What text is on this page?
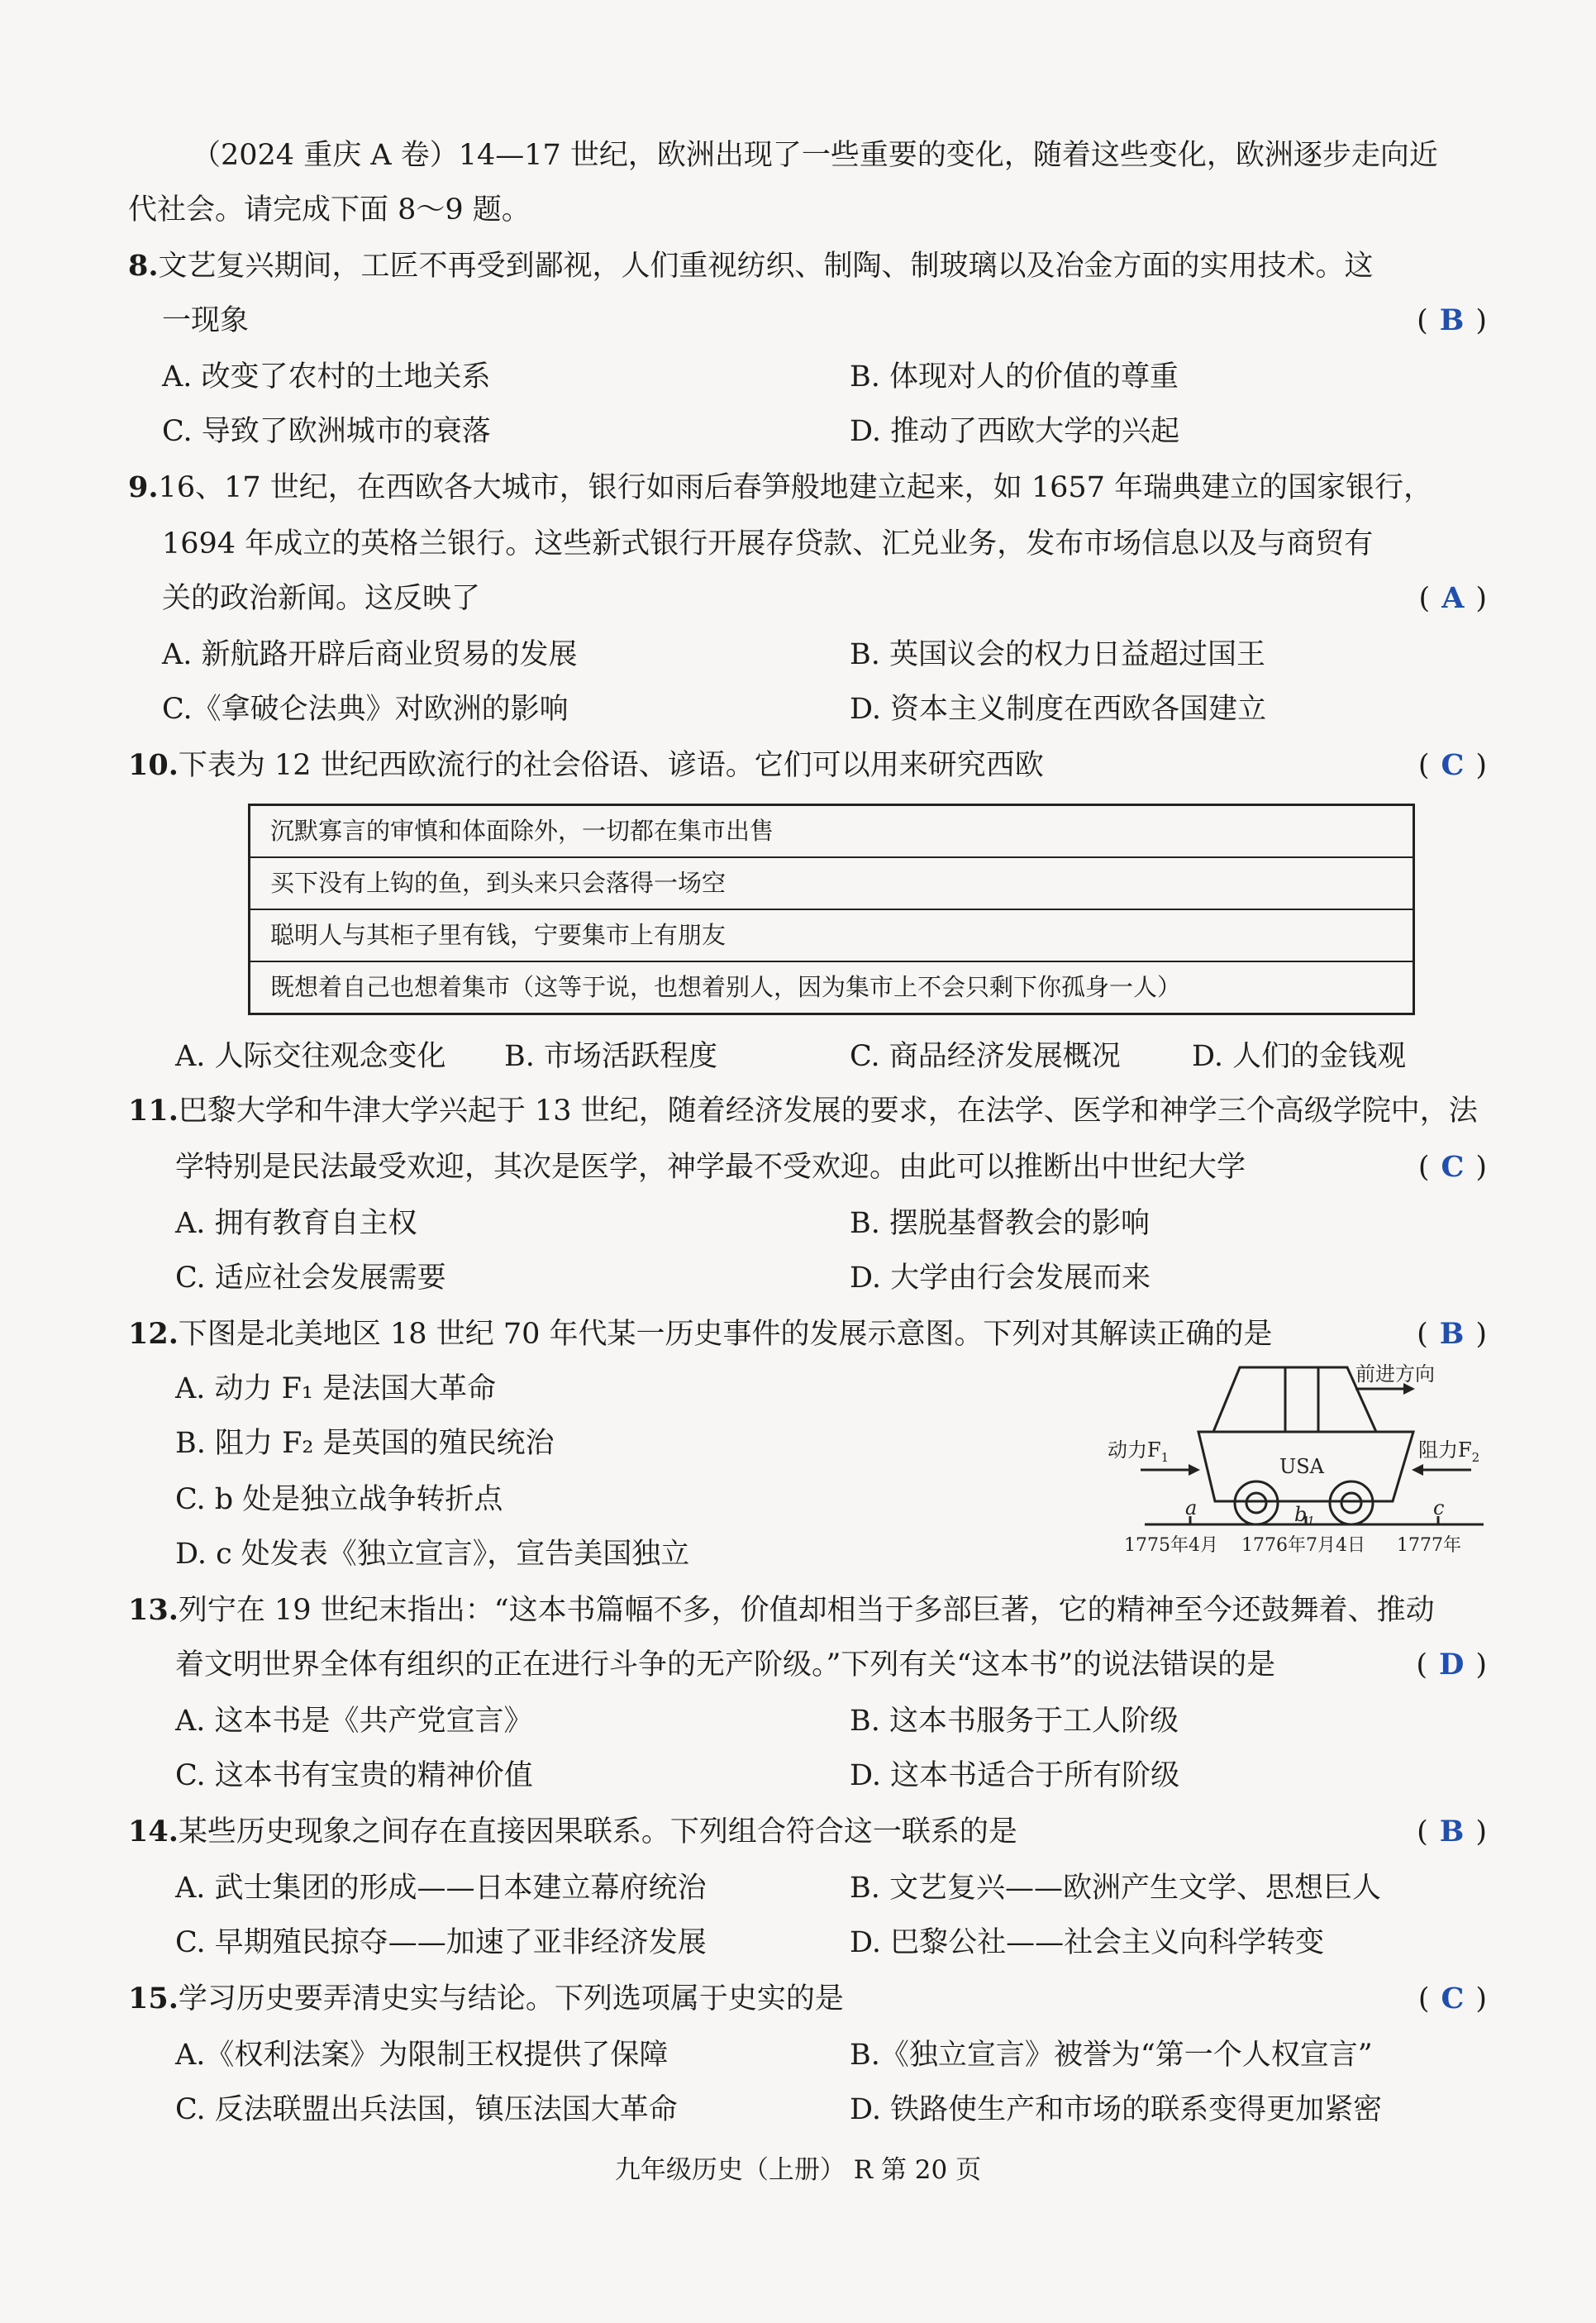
（2024 重庆 A 卷）14—17 世纪，欧洲出现了一些重要的变化，随着这些变化，欧洲逐步走向近
代社会。请完成下面 8～9 题。
8.文艺复兴期间，工匠不再受到鄙视，人们重视纺织、制陶、制玻璃以及冶金方面的实用技术。这
一现象	( B )
A. 改变了农村的土地关系	B. 体现对人的价值的尊重
C. 导致了欧洲城市的衰落	D. 推动了西欧大学的兴起
9.16、17 世纪，在西欧各大城市，银行如雨后春笋般地建立起来，如 1657 年瑞典建立的国家银行，
1694 年成立的英格兰银行。这些新式银行开展存贷款、汇兑业务，发布市场信息以及与商贸有
关的政治新闻。这反映了	( A )
A. 新航路开辟后商业贸易的发展	B. 英国议会的权力日益超过国王
C.《拿破仑法典》对欧洲的影响	D. 资本主义制度在西欧各国建立
10.下表为 12 世纪西欧流行的社会俗语、谚语。它们可以用来研究西欧	( C )
沉默寡言的审慎和体面除外，一切都在集市出售
买下没有上钩的鱼，到头来只会落得一场空
聪明人与其柜子里有钱，宁要集市上有朋友
既想着自己也想着集市（这等于说，也想着别人，因为集市上不会只剩下你孤身一人）
A. 人际交往观念变化 B. 市场活跃程度	C. 商品经济发展概况 D. 人们的金钱观
11.巴黎大学和牛津大学兴起于 13 世纪，随着经济发展的要求，在法学、医学和神学三个高级学院中，法
学特别是民法最受欢迎，其次是医学，神学最不受欢迎。由此可以推断出中世纪大学	( C )
A. 拥有教育自主权	B. 摆脱基督教会的影响
C. 适应社会发展需要	D. 大学由行会发展而来
12.下图是北美地区 18 世纪 70 年代某一历史事件的发展示意图。下列对其解读正确的是	( B )
A. 动力 F₁ 是法国大革命
B. 阻力 F₂ 是英国的殖民统治
C. b 处是独立战争转折点
D. c 处发表《独立宣言》，宣告美国独立
前进方向
USA
动力$F_1$	阻力$F_2$
a	$b_1$
c
1775年4月 1776年7月4日 1777年
13.列宁在 19 世纪末指出：“这本书篇幅不多，价值却相当于多部巨著，它的精神至今还鼓舞着、推动
着文明世界全体有组织的正在进行斗争的无产阶级。”下列有关“这本书”的说法错误的是	( D )
A. 这本书是《共产党宣言》	B. 这本书服务于工人阶级
C. 这本书有宝贵的精神价值	D. 这本书适合于所有阶级
14.某些历史现象之间存在直接因果联系。下列组合符合这一联系的是	( B )
A. 武士集团的形成——日本建立幕府统治	B. 文艺复兴——欧洲产生文学、思想巨人
C. 早期殖民掠夺——加速了亚非经济发展	D. 巴黎公社——社会主义向科学转变
15.学习历史要弄清史实与结论。下列选项属于史实的是	( C )
A.《权利法案》为限制王权提供了保障	B.《独立宣言》被誉为“第一个人权宣言”
C. 反法联盟出兵法国，镇压法国大革命	D. 铁路使生产和市场的联系变得更加紧密
九年级历史（上册） R 第 20 页
